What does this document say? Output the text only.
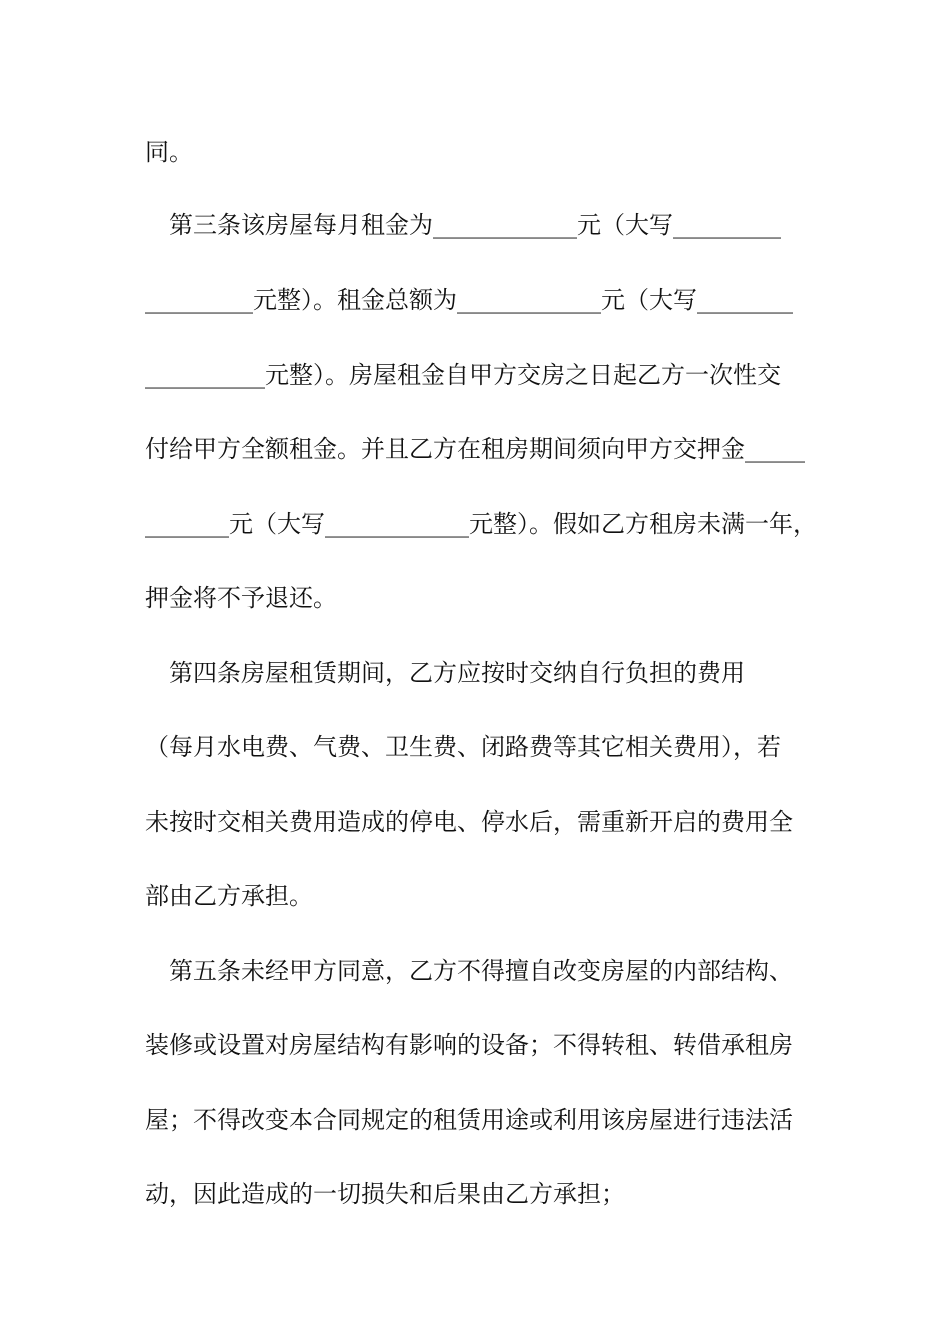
同。
　第三条该房屋每月租金为____________元（大写_________
_________元整）。租金总额为____________元（大写________
__________元整）。房屋租金自甲方交房之日起乙方一次性交
付给甲方全额租金。并且乙方在租房期间须向甲方交押金_____
_______元（大写____________元整）。假如乙方租房未满一年，
押金将不予退还。
　第四条房屋租赁期间，乙方应按时交纳自行负担的费用
（每月水电费、气费、卫生费、闭路费等其它相关费用），若
未按时交相关费用造成的停电、停水后，需重新开启的费用全
部由乙方承担。
　第五条未经甲方同意，乙方不得擅自改变房屋的内部结构、
装修或设置对房屋结构有影响的设备；不得转租、转借承租房
屋；不得改变本合同规定的租赁用途或利用该房屋进行违法活
动，因此造成的一切损失和后果由乙方承担；
